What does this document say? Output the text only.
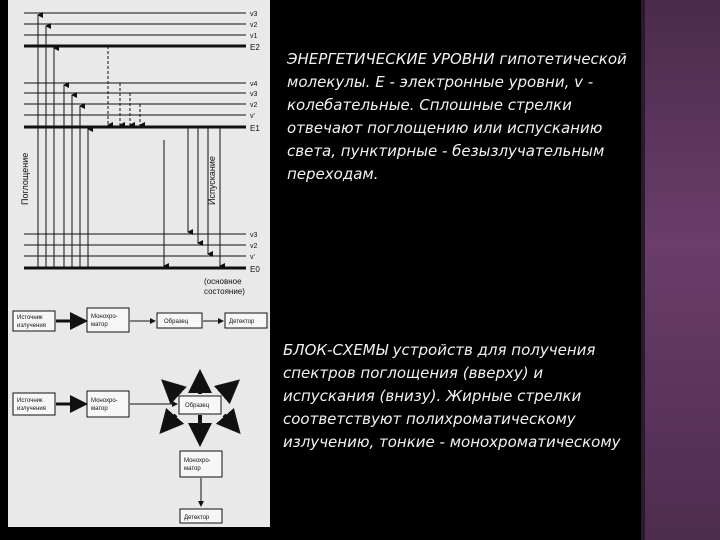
v3
v2
v1
E2
v4
v3
v2
v'
E1
v3
v2
v'
E0
Поглощение	Испускание
(основное
состояние)
Источник
излучения
Монохро-
матор	Образец	Детектор
Источник
излучения
Монохро-
матор	Образец
Монохро-
матор
Детектор
ЭНЕРГЕТИЧЕСКИЕ УРОВНИ гипотетической молекулы. E - электронные уровни, v - колебательные. Сплошные стрелки отвечают поглощению или испусканию света, пунктирные - безызлучательным переходам.
БЛОК-СХЕМЫ устройств для получения спектров поглощения (вверху) и испускания (внизу). Жирные стрелки соответствуют полихроматическому излучению, тонкие - монохроматическому
